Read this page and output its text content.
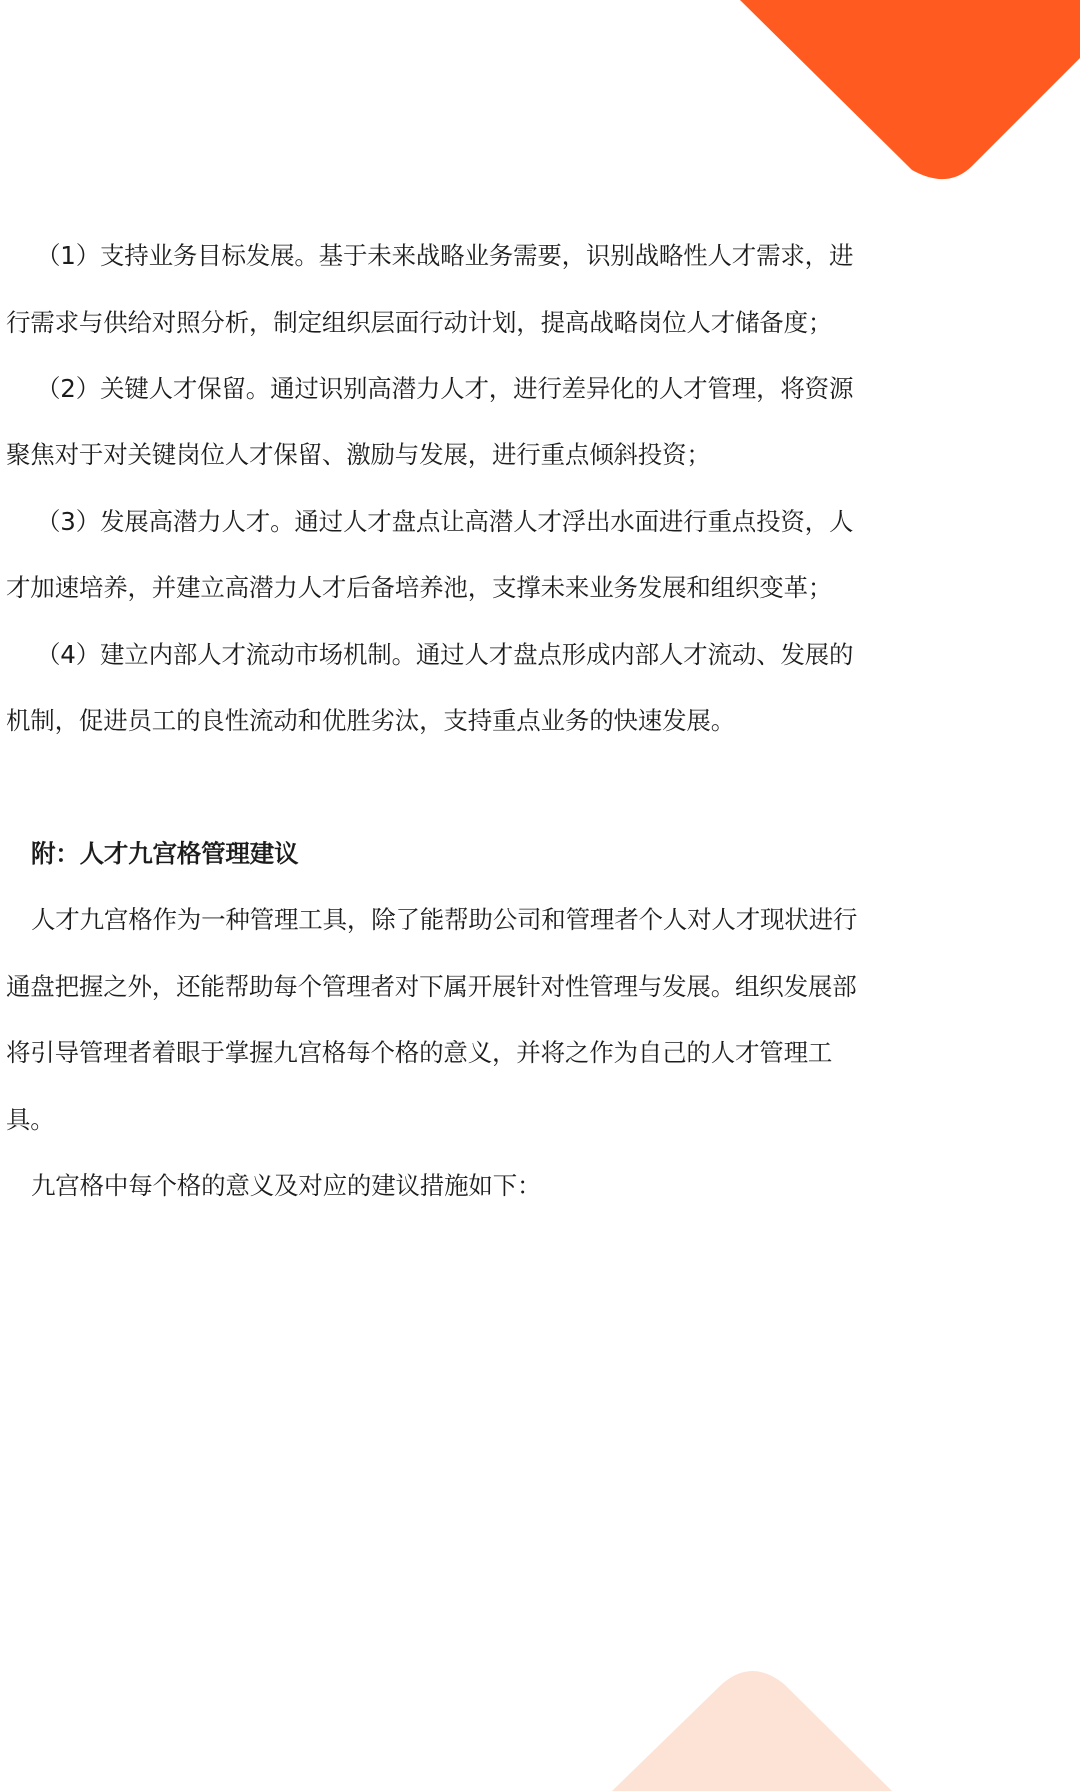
（1）支持业务目标发展。基于未来战略业务需要，识别战略性人才需求，进

行需求与供给对照分析，制定组织层面行动计划，提高战略岗位人才储备度；

（2）关键人才保留。通过识别高潜力人才，进行差异化的人才管理，将资源

聚焦对于对关键岗位人才保留、激励与发展，进行重点倾斜投资；

（3）发展高潜力人才。通过人才盘点让高潜人才浮出水面进行重点投资，人

才加速培养，并建立高潜力人才后备培养池，支撑未来业务发展和组织变革；

（4）建立内部人才流动市场机制。通过人才盘点形成内部人才流动、发展的

机制，促进员工的良性流动和优胜劣汰，支持重点业务的快速发展。

附：人才九宫格管理建议

人才九宫格作为一种管理工具，除了能帮助公司和管理者个人对人才现状进行

通盘把握之外，还能帮助每个管理者对下属开展针对性管理与发展。组织发展部

将引导管理者着眼于掌握九宫格每个格的意义，并将之作为自己的人才管理工

具。

九宫格中每个格的意义及对应的建议措施如下：
